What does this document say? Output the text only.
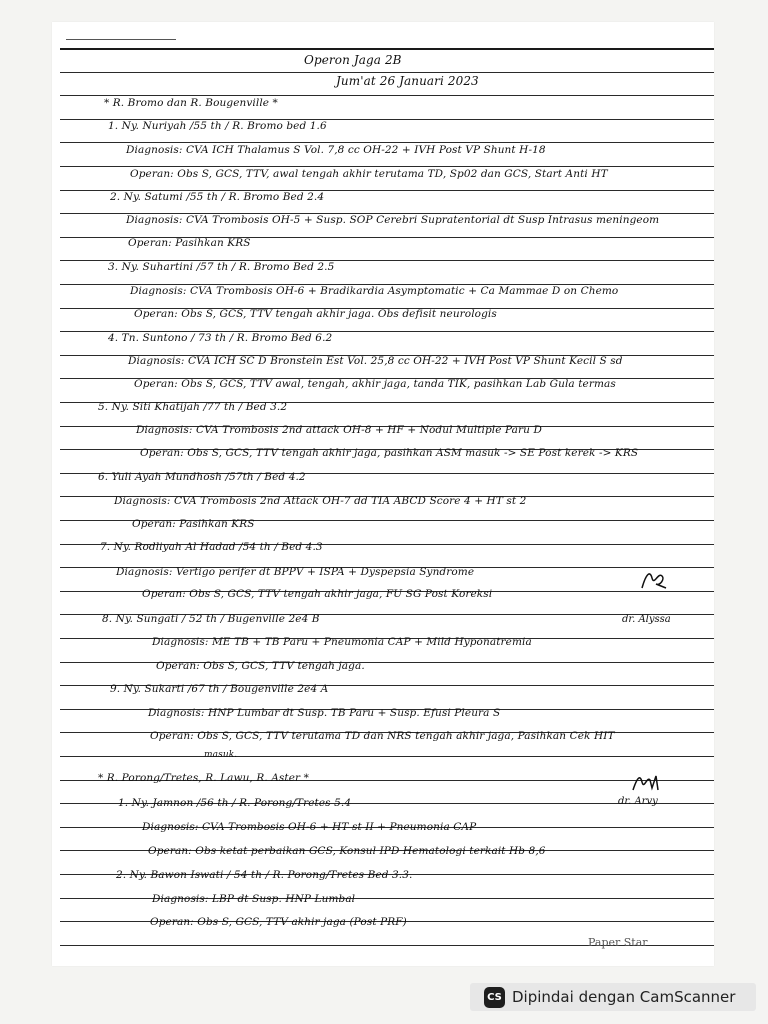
Operon Jaga 2B
Jum'at 26 Januari 2023
* R. Bromo dan R. Bougenville *
1. Ny. Nuriyah /55 th / R. Bromo bed 1.6
Diagnosis: CVA ICH Thalamus S Vol. 7,8 cc OH-22 + IVH Post VP Shunt H-18
Operan: Obs S, GCS, TTV, awal tengah akhir terutama TD, Sp02 dan GCS, Start Anti HT
2. Ny. Satumi /55 th / R. Bromo Bed 2.4
Diagnosis: CVA Trombosis OH-5 + Susp. SOP Cerebri Supratentorial dt Susp Intrasus meningeom
Operan: Pasihkan KRS
3. Ny. Suhartini /57 th / R. Bromo Bed 2.5
Diagnosis: CVA Trombosis OH-6 + Bradikardia Asymptomatic + Ca Mammae D on Chemo
Operan: Obs S, GCS, TTV tengah akhir jaga. Obs defisit neurologis
4. Tn. Suntono / 73 th / R. Bromo Bed 6.2
Diagnosis: CVA ICH SC D Bronstein Est Vol. 25,8 cc OH-22 + IVH Post VP Shunt Kecil S sd
Operan: Obs S, GCS, TTV awal, tengah, akhir jaga, tanda TIK, pasihkan Lab Gula termas
5. Ny. Siti Khatijah /77 th / Bed 3.2
Diagnosis: CVA Trombosis 2nd attack OH-8 + HF + Nodul Multiple Paru D
Operan: Obs S, GCS, TTV tengah akhir jaga, pasihkan ASM masuk -> SE Post kerek -> KRS
6. Yuli Ayah Mundhosh /57th / Bed 4.2
Diagnosis: CVA Trombosis 2nd Attack OH-7 dd TIA ABCD Score 4 + HT st 2
Operan: Pasihkan KRS
7. Ny. Rodliyah Al Hadad /54 th / Bed 4.3
Diagnosis: Vertigo perifer dt BPPV + ISPA + Dyspepsia Syndrome
Operan: Obs S, GCS, TTV tengah akhir jaga, FU SG Post Koreksi
8. Ny. Sungati / 52 th / Bugenville 2e4 B
Diagnosis: ME TB + TB Paru + Pneumonia CAP + Mild Hyponatremia
Operan: Obs S, GCS, TTV tengah jaga.
9. Ny. Sukarti /67 th / Bougenville 2e4 A
Diagnosis: HNP Lumbar dt Susp. TB Paru + Susp. Efusi Pleura S
Operan: Obs S, GCS, TTV terutama TD dan NRS tengah akhir jaga, Pasihkan Cek HIT
masuk.
* R. Porong/Tretes, R. Lawu, R. Aster *
1. Ny. Jamnon /56 th / R. Porong/Tretes 5.4
Diagnosis: CVA Trombosis OH-6 + HT st II + Pneumonia CAP
Operan: Obs ketat perbaikan GCS, Konsul IPD Hematologi terkait Hb 8,6
2. Ny. Bawon Iswati / 54 th / R. Porong/Tretes Bed 3.3.
Diagnosis: LBP dt Susp. HNP Lumbal
Operan: Obs S, GCS, TTV akhir jaga (Post PRF)
dr. Alyssa
dr. Arvy
Paper Star
CS Dipindai dengan CamScanner
